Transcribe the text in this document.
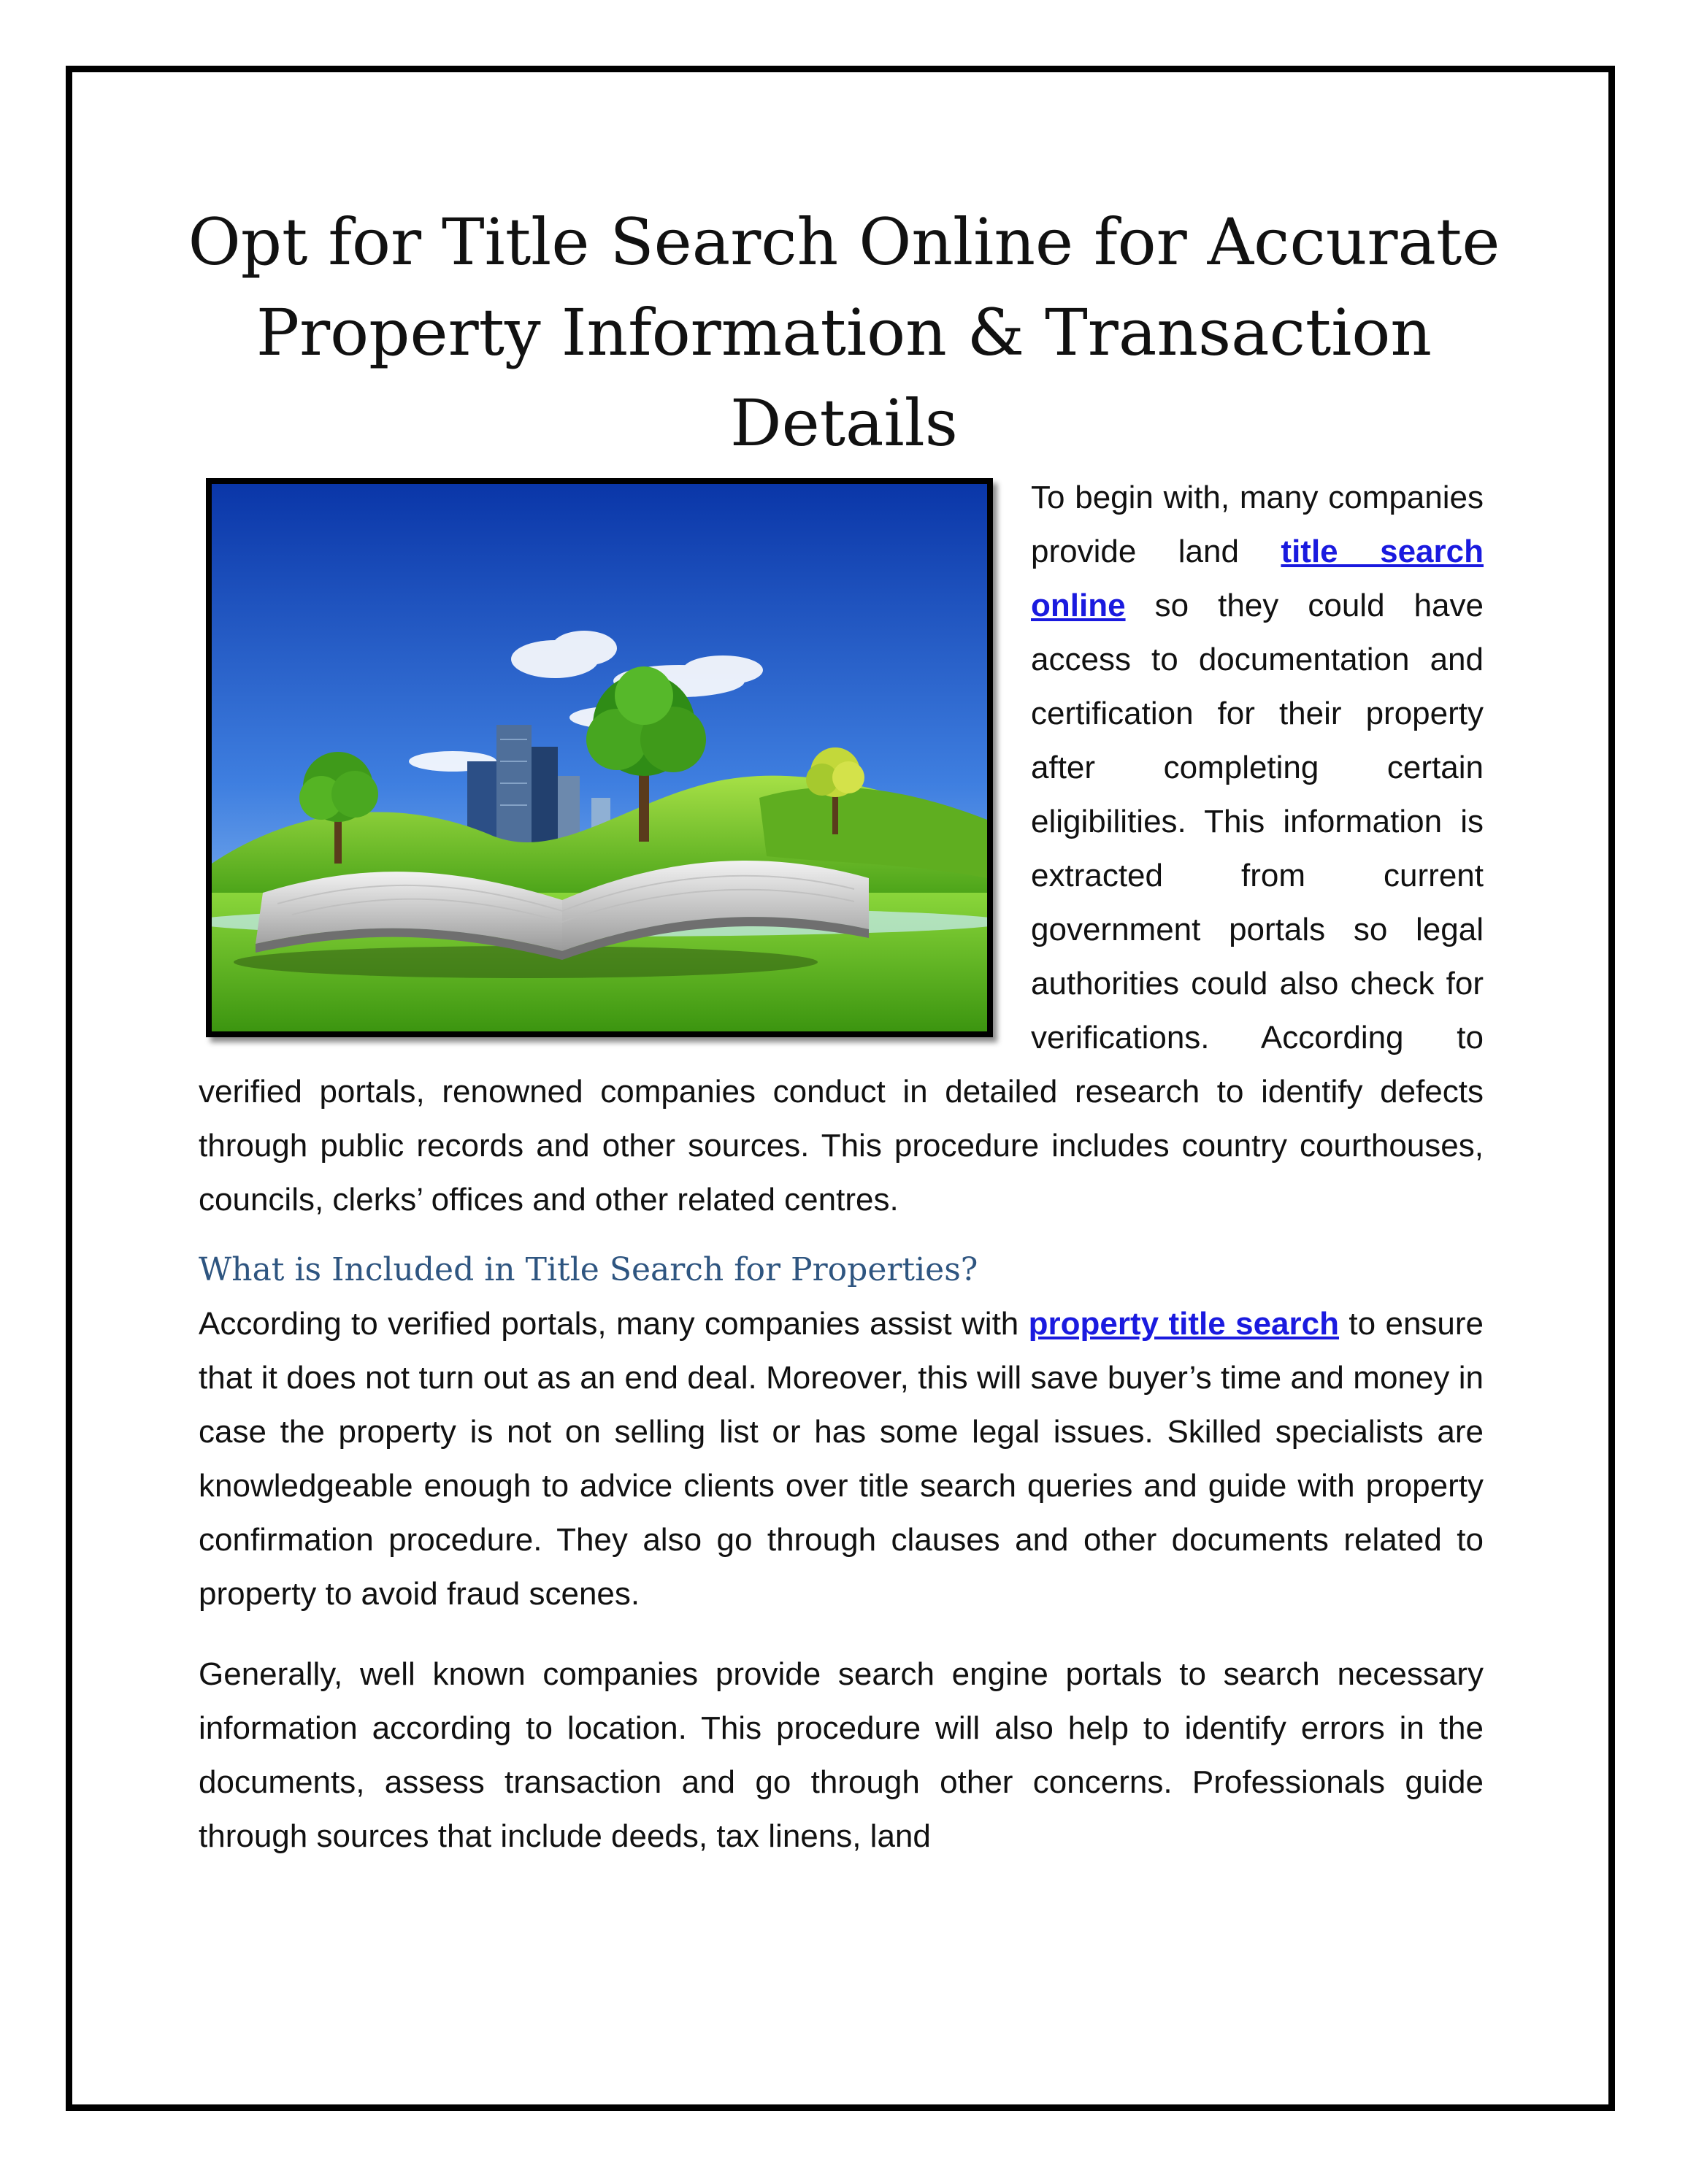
Opt for Title Search Online for Accurate Property Information & Transaction Details

To begin with, many companies provide land title search online so they could have access to documentation and certification for their property after completing certain eligibilities. This information is extracted from current government portals so legal authorities could also check for verifications. According to verified portals, renowned companies conduct in detailed research to identify defects through public records and other sources. This procedure includes country courthouses, councils, clerks’ offices and other related centres.

What is Included in Title Search for Properties?

According to verified portals, many companies assist with property title search to ensure that it does not turn out as an end deal. Moreover, this will save buyer’s time and money in case the property is not on selling list or has some legal issues. Skilled specialists are knowledgeable enough to advice clients over title search queries and guide with property confirmation procedure. They also go through clauses and other documents related to property to avoid fraud scenes.

Generally, well known companies provide search engine portals to search necessary information according to location. This procedure will also help to identify errors in the documents, assess transaction and go through other concerns. Professionals guide through sources that include deeds, tax linens, land
